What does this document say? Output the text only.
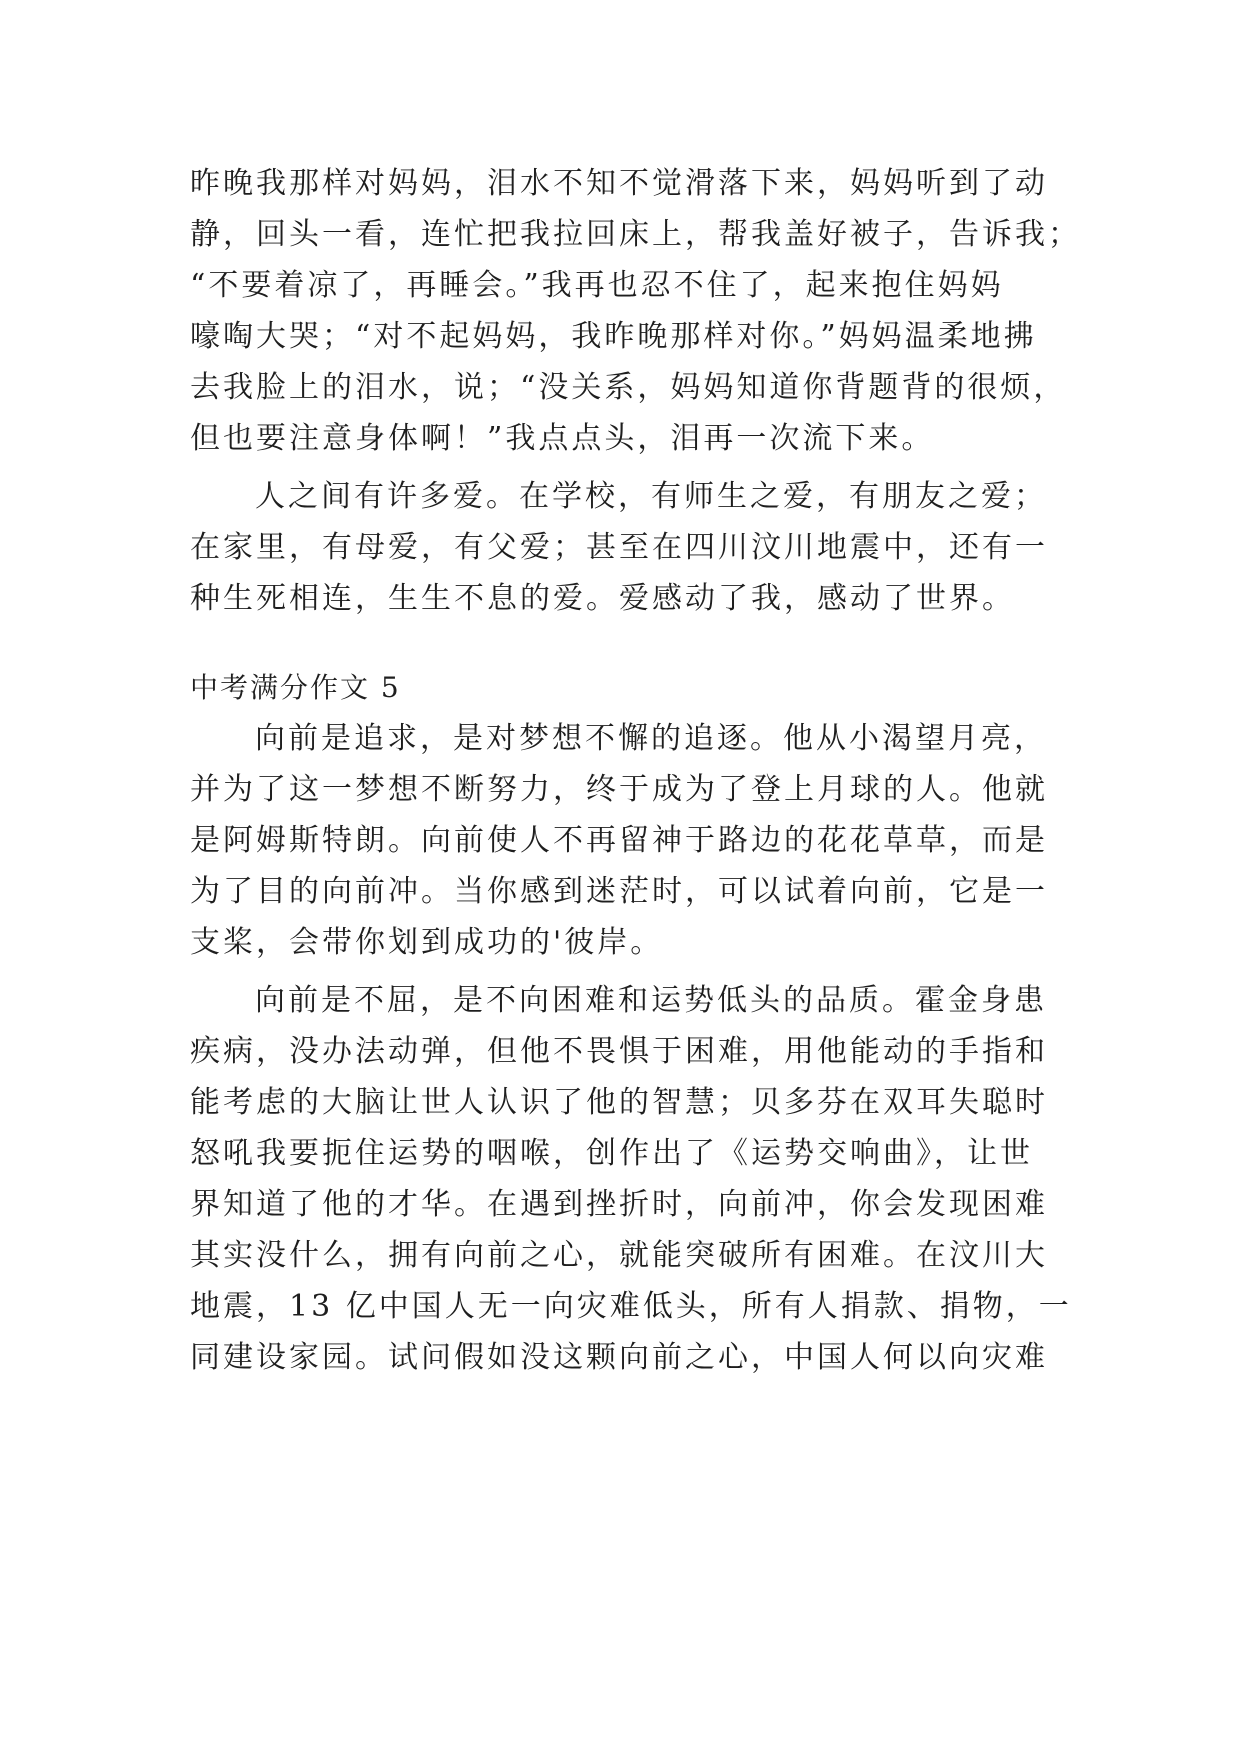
昨晚我那样对妈妈，泪水不知不觉滑落下来，妈妈听到了动

静，回头一看，连忙把我拉回床上，帮我盖好被子，告诉我；

“不要着凉了，再睡会。”我再也忍不住了，起来抱住妈妈

嚎啕大哭；“对不起妈妈，我昨晚那样对你。”妈妈温柔地拂

去我脸上的泪水，说；“没关系，妈妈知道你背题背的很烦，

但也要注意身体啊！”我点点头，泪再一次流下来。

人之间有许多爱。在学校，有师生之爱，有朋友之爱；

在家里，有母爱，有父爱；甚至在四川汶川地震中，还有一

种生死相连，生生不息的爱。爱感动了我，感动了世界。

中考满分作文 5

向前是追求，是对梦想不懈的追逐。他从小渴望月亮，

并为了这一梦想不断努力，终于成为了登上月球的人。他就

是阿姆斯特朗。向前使人不再留神于路边的花花草草，而是

为了目的向前冲。当你感到迷茫时，可以试着向前，它是一

支桨，会带你划到成功的'彼岸。

向前是不屈，是不向困难和运势低头的品质。霍金身患

疾病，没办法动弹，但他不畏惧于困难，用他能动的手指和

能考虑的大脑让世人认识了他的智慧；贝多芬在双耳失聪时

怒吼我要扼住运势的咽喉，创作出了《运势交响曲》，让世

界知道了他的才华。在遇到挫折时，向前冲，你会发现困难

其实没什么，拥有向前之心，就能突破所有困难。在汶川大

地震，13 亿中国人无一向灾难低头，所有人捐款、捐物，一

同建设家园。试问假如没这颗向前之心，中国人何以向灾难
